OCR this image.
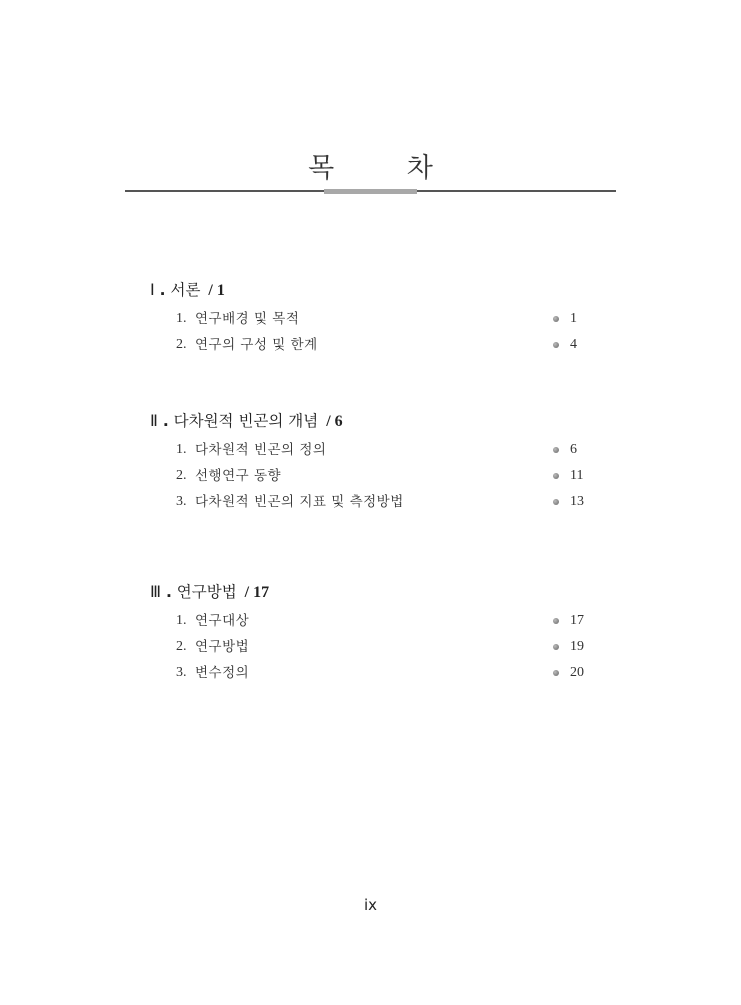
목 차
Ⅰ . 서론 / 1
1. 연구배경 및 목적	1
2. 연구의 구성 및 한계	4
Ⅱ . 다차원적 빈곤의 개념 / 6
1. 다차원적 빈곤의 정의	6
2. 선행연구 동향	11
3. 다차원적 빈곤의 지표 및 측정방법	13
Ⅲ . 연구방법 / 17
1. 연구대상	17
2. 연구방법	19
3. 변수정의	20
ix
